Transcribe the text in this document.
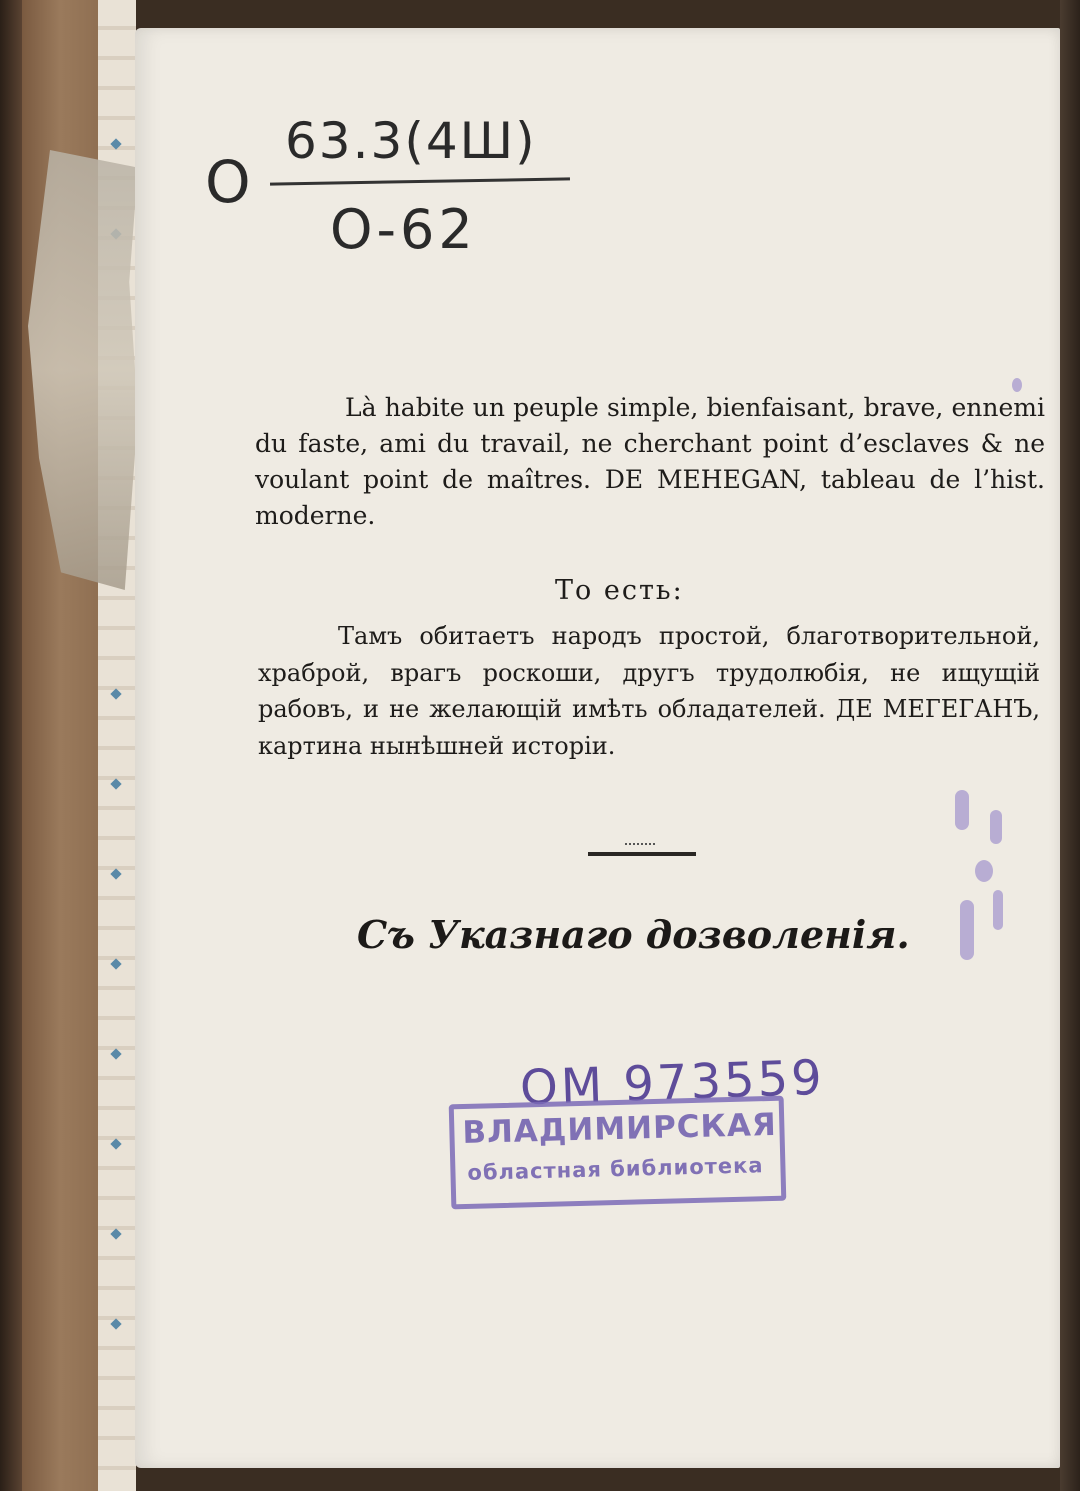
О
63.3(4Ш)
О-62

Là habite un peuple simple, bienfaisant, brave, ennemi du faste, ami du travail, ne cherchant point d’esclaves & ne voulant point de maîtres. DE MEHEGAN, tableau de l’hist. moderne.

То есть:

Тамъ обитаетъ народъ простой, благотворительной, храброй, врагъ роскоши, другъ трудолюбія, не ищущій рабовъ, и не желающій имѣть обладателей. ДЕ МЕГЕГАНЪ, картина нынѣшней исторіи.

Съ Указнаго дозволенія.
ОМ 973559
ВЛАДИМИРСКАЯ
областная библиотека
